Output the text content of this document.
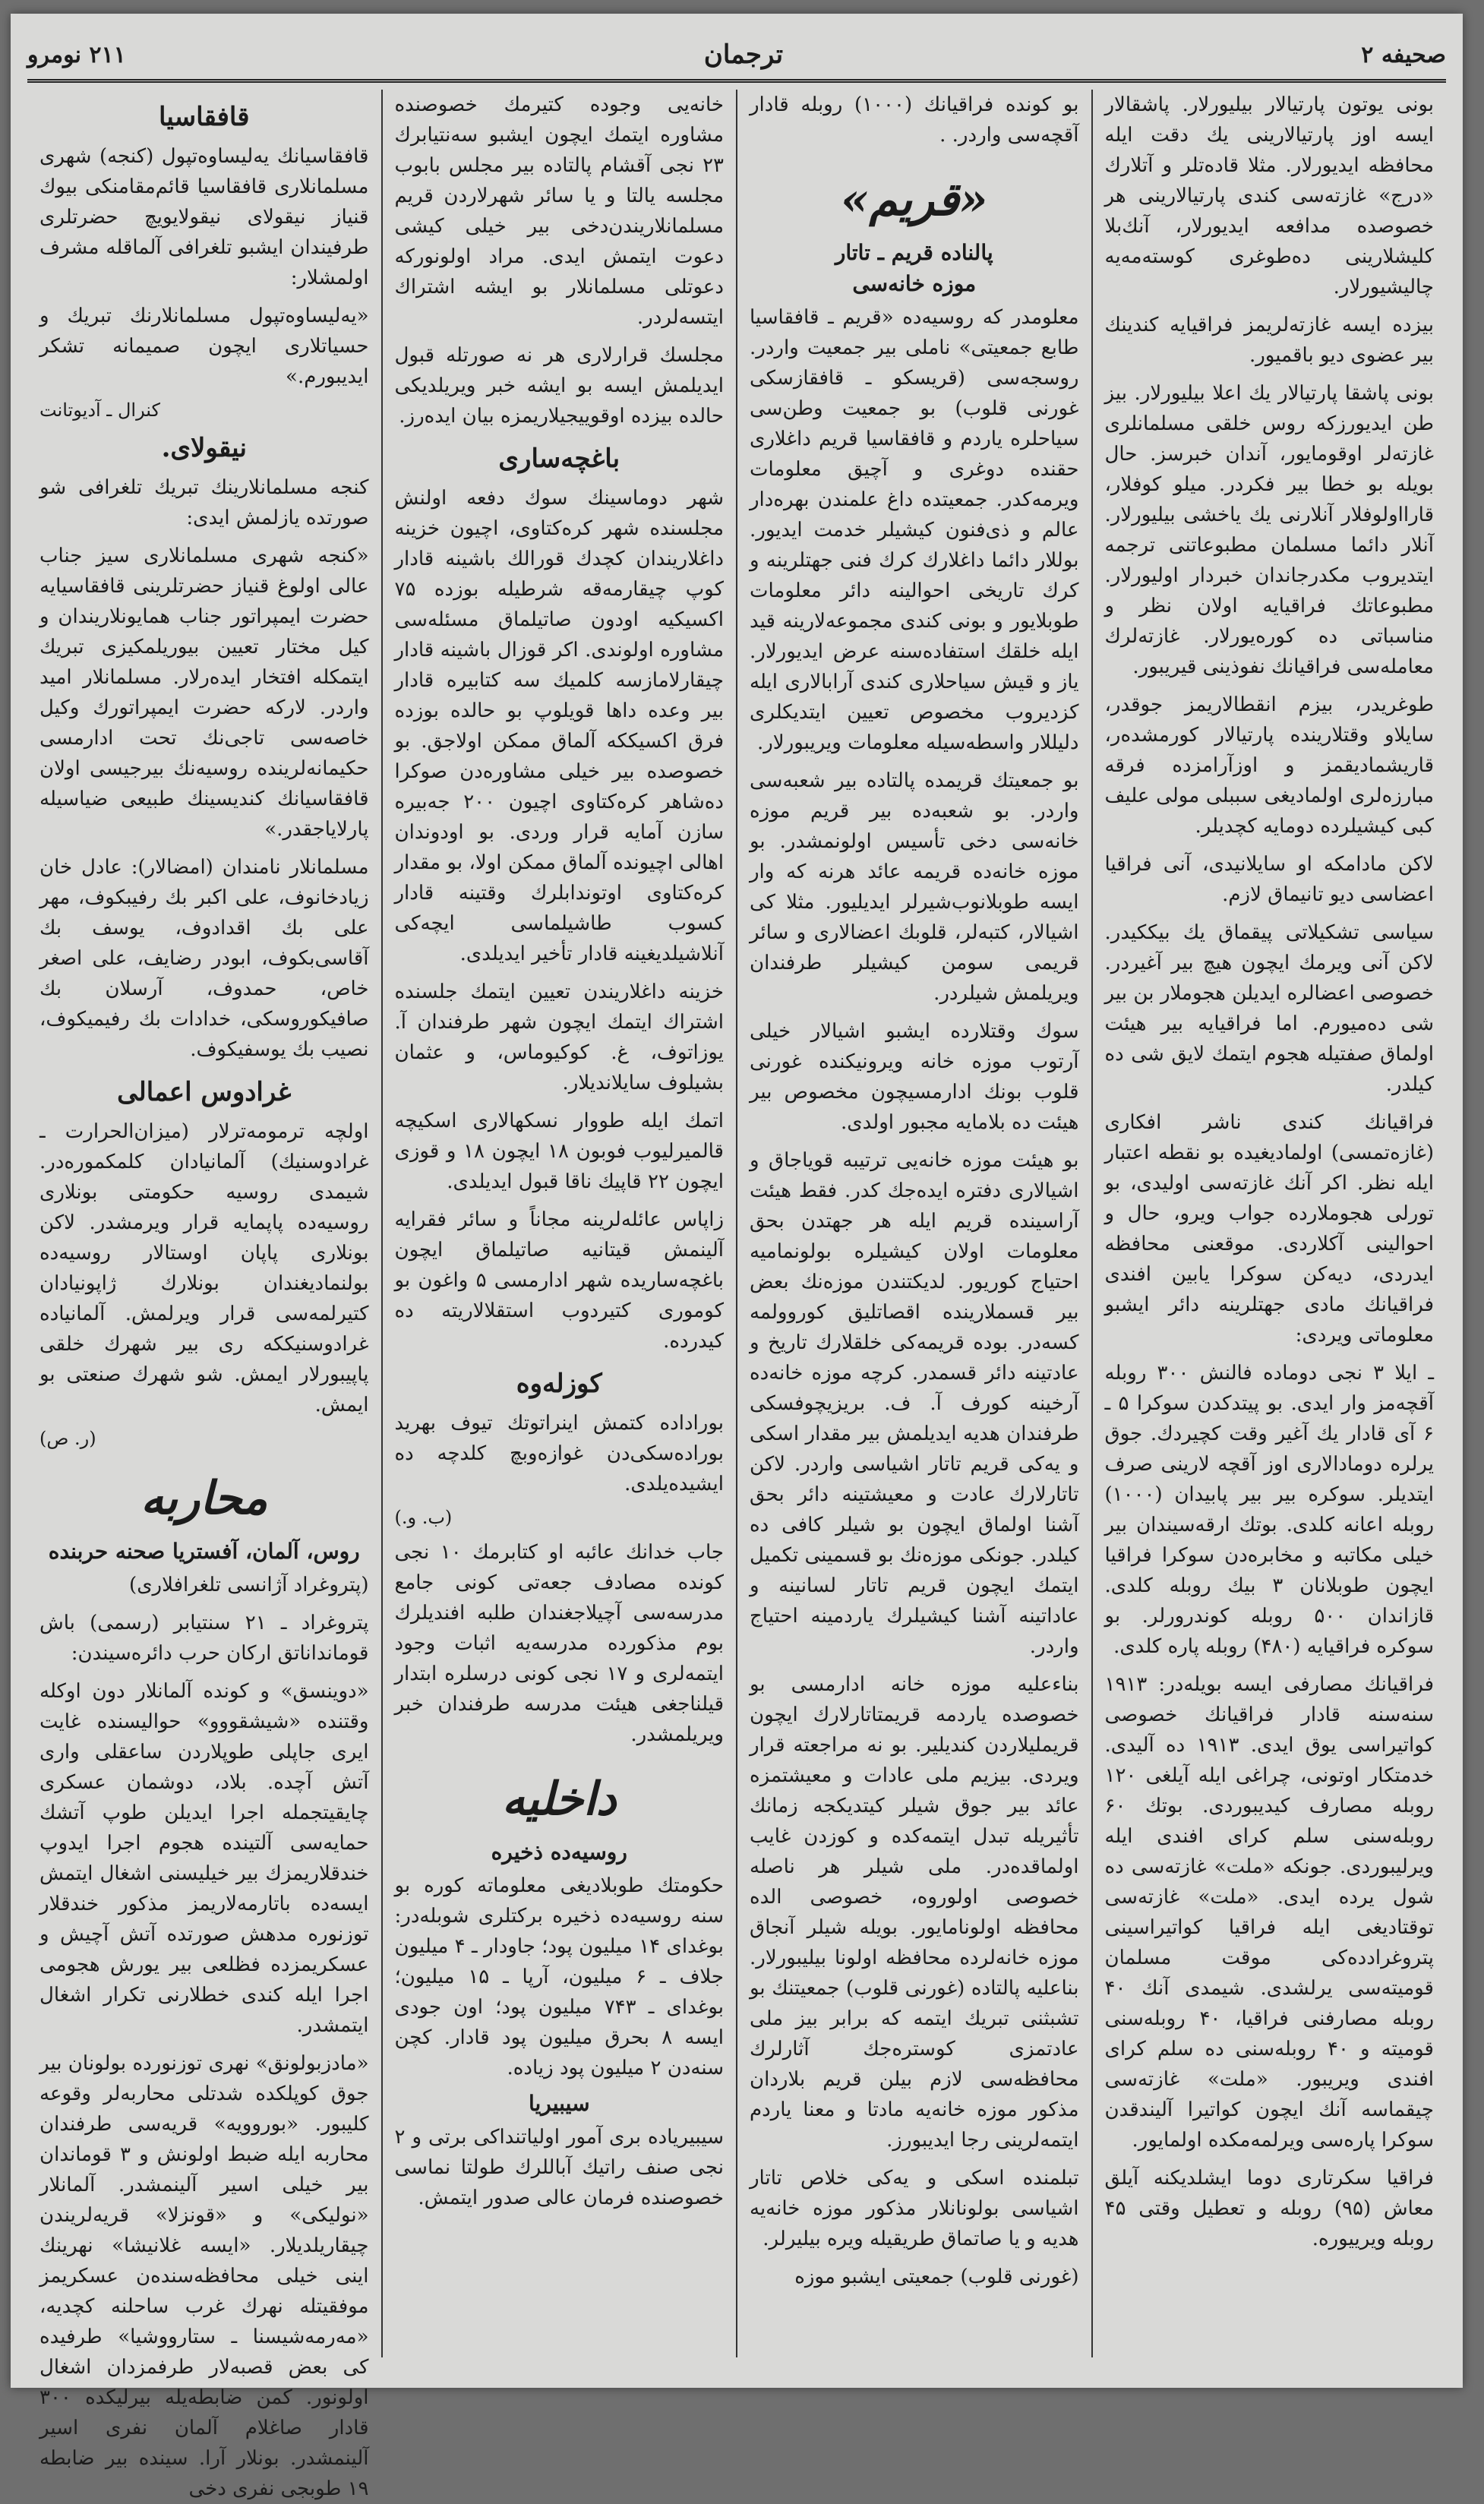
صحیفه ۲
ترجمان
۲۱۱ نومرو
بونی یوتون پارتیالار بیلیورلار. پاشقالار ایسه اوز پارتیالارینی یك دقت ایله محافظه ایدیورلار. مثلا قاده‌تلر و آتلارك «درج» غازته‌سی كندی پارتیالارینی هر خصوصده مدافعه ایدیورلار، آنك‌بلا كلیشلارینی ده‌طوغری كوسته‌مه‌یه چالیشیورلار.
بیزده ایسه غازته‌لریمز فراقیایه كندینك بیر عضوی دیو باقمیور.
بونی پاشقا پارتیالار یك اعلا بیلیورلار. بیز طن ایدیورزكه روس خلقی مسلمانلری غازته‌لر اوقومایور، آندان خبرسز. حال بویله بو خطا بیر فكردر. میلو كوفلار، قارااولوفلار آنلارنی یك یاخشی بیلیورلار. آنلار دائما مسلمان مطبوعاتنی ترجمه ایتدیروب مكدرجاندان خبردار اولیورلار. مطبوعاتك فراقیایه اولان نظر و مناسباتی ده كوره‌یورلار. غازته‌لرك معامله‌سی فراقیانك نفوذینی قیریبور.
طوغریدر، بیزم انقطالاریمز جوقدر، سایلاو وقتلارینده پارتیالار كورمشده‌ر، قاریشمادیقمز و اوزآرامزده فرقه مبارزه‌لری اولمادیغی سببلی مولی علیف كبی كیشیلرده دومایه كچدیلر.
لاكن مادامكه او سایلانیدی، آنی فراقیا اعضاسی دیو تانیماق لازم.
سیاسی تشكیلاتی پیقماق یك بیككیدر. لاكن آنی ویرمك ایچون هیچ بیر آغیردر. خصوصی اعضالره ایدیلن هجوملار بن بیر شی ده‌میورم. اما فراقیایه بیر هیئت اولماق صفتیله هجوم ایتمك لایق شی ده كیلدر.
فراقیانك كندی ناشر افكاری (غازه‌تمسی) اولمادیغیده بو نقطه اعتبار ایله نظر. اكر آنك غازته‌سی اولیدی، بو تورلی هجوملارده جواب ویرو، حال و احوالینی آكلاردی. موقعنی محافظه ایدردی، دیه‌كن سوكرا یابین افندی فراقیانك مادی جهتلرینه دائر ایشبو معلوماتی ویردی:
ـ ایلا ۳ نجی دوماده فالنش ۳۰۰ روبله آقچه‌مز وار ایدی. بو پیتدكدن سوكرا ۵ ـ ۶ آی قادار یك آغیر وقت كچیردك. جوق یرلره دومادالاری اوز آقچه لارینی صرف ایتدیلر. سوكره بیر بیر پابیدان (۱۰۰۰) روبله اعانه كلدی. بوتك ارقه‌سیندان بیر خیلی مكاتبه و مخابره‌دن سوكرا فراقیا ایچون طوبلانان ۳ بیك روبله كلدی. قازاندان ۵۰۰ روبله كوندرورلر. بو سوكره فراقیایه (۴۸۰) روبله پاره كلدی.
فراقیانك مصارفی ایسه بویله‌در: ۱۹۱۳ سنه‌سنه قادار فراقیانك خصوصی كواتیراسی یوق ایدی. ۱۹۱۳ ده آلیدی. خدمتكار اوتونی، چراغی ایله آیلغی ۱۲۰ روبله مصارف كیدیبوردی. بوتك ۶۰ روبله‌سنی سلم كرای افندی ایله ویرلیبوردی. جونكه «ملت» غازته‌سی ده شول یرده ایدی. «ملت» غازته‌سی توقتادیغی ایله فراقیا كواتیراسینی پتروغرادده‌كی موقت مسلمان قومیته‌سی یرلشدی. شیمدی آنك ۴۰ روبله مصارفنی فراقیا، ۴۰ روبله‌سنی قومیته و ۴۰ روبله‌سنی ده سلم كرای افندی ویریبور. «ملت» غازته‌سی چیقماسه آنك ایچون كواتیرا آلیندقدن سوكرا پاره‌سی ویرلمه‌مكده اولمایور.
فراقیا سكرتاری دوما ایشلدیكنه آیلق معاش (۹۵) روبله و تعطیل وقتی ۴۵ روبله ویرییوره.
بو كونده فراقیانك (۱۰۰۰) روبله قادار آقچه‌سی وار‌در. .
«قریم»
پالناده قریم ـ تاتار
موزه خانه‌سی
معلومدر كه روسیه‌ده «قریم ـ قافقاسیا طابع جمعیتی» ناملی بیر جمعیت واردر. روسجه‌سی (قریسكو ـ قافقازسكی غورنی قلوب) بو جمعیت وطن‌سی سیاحلره یاردم و قافقاسیا قریم داغلاری حقنده دوغری و آچیق معلومات ویرمه‌كدر. جمعیتده داغ علمندن بهره‌دار عالم و ذی‌فنون كیشیلر خدمت ایدیور. بوللار دائما داغلارك كرك فنی جهتلرینه و كرك تاریخی احوالینه دائر معلومات طوبلایور و بونی كندی مجموعه‌لارینه قید ایله خلقك استفاده‌سنه عرض ایدیورلار. یاز و قیش سیاحلاری كندی آرابالاری ایله كزدیروب مخصوص تعیین ایتدیكلری دلیللار واسطه‌سیله معلومات ویریبورلار.
بو جمعیتك قریمده پالتاده بیر شعبه‌سی واردر. بو شعبه‌ده بیر قریم موزه خانه‌سی دخی تأسیس اولونمشدر. بو موزه خانه‌ده قریمه عائد هرنه كه وار ایسه طوبلانوب‌شیرلر ایدیلیور. مثلا كی اشیالار، كتبه‌لر، قلوبك اعضالاری و سائر قریمی سومن كیشیلر طرفندان ویریلمش شیلردر.
سوك وقتلارده ایشبو اشیالار خیلی آرتوب موزه خانه ویرونیكنده غورنی قلوب بونك ادارمسیچون مخصوص بیر هیئت ده بلامایه مجبور اولدی.
بو هیئت موزه خانه‌یی ترتیبه قویاجاق و اشیالاری دفتره ایده‌جك كدر. فقط هیئت آراسینده قریم ایله هر جهتدن بحق معلومات اولان كیشیلره بولونمامیه احتیاج كوریور. لدیكتندن موزه‌نك بعض بیر قسملارینده اقصاتلیق كوروولمه كسه‌در. بوده قریمه‌كی خلقلارك تاریخ و عادتینه دائر قسمدر. كرچه موزه خانه‌ده آرخینه كورف آ. ف. بریزیچوفسكی طرفندان هدیه ایدیلمش بیر مقدار اسكی و یه‌كی قریم تاتار اشیاسی واردر. لاكن تاتارلارك عادت و معیشتینه دائر بحق آشنا اولماق ایچون بو شیلر كافی ده كیلدر. جونكی موزه‌نك بو قسمینی تكمیل ایتمك ایچون قریم تاتار لسانینه و عاداتینه آشنا كیشیلرك یاردمینه احتیاج واردر.
بناءعلیه موزه خانه ادارمسی بو خصوصده یاردمه قریمتاتارلارك ایچون قریملیلاردن كندیلیر. بو نه مراجعته قرار ویردی. بیزیم ملی عادات و معیشتمزه عائد بیر جوق شیلر كیتدیكجه زمانك تأثیریله تبدل ایتمه‌كده و كوزدن غایب اولماقده‌در. ملی شیلر هر ناصله خصوصی اولوروه، خصوصی الده محافظه اولونامایور. بویله شیلر آنجاق موزه خانه‌لرده محافظه اولونا بیلیبورلار. بناعلیه پالتاده (غورنی قلوب) جمعیتنك بو تشبثنی تبریك ایتمه كه برابر بیز ملی عادتمزی كوستره‌جك آثارلرك محافظه‌سی لازم بیلن قریم بلاردان مذكور موزه خانه‌یه مادتا و معنا یاردم ایتمه‌لرینی رجا ایدیبورز.
تبلمنده اسكی و یه‌كی خلاص تاتار اشیاسی بولونانلار مذكور موزه خانه‌یه هدیه و یا صاتماق طریقیله ویره بیلیرلر.
(غورنی قلوب) جمعیتی ایشبو موزه
خانه‌یی وجوده كتیرمك خصوصنده مشاوره ایتمك ایچون ایشبو سه‌نتیابرك ۲۳ نجی آقشام پالتاده بیر مجلس بابوب مجلسه یالتا و یا سائر شهرلاردن قریم مسلمانلاریندن‌دخی بیر خیلی كیشی دعوت ایتمش ایدی. مراد اولونوركه دعوتلی مسلمانلار بو ایشه اشتراك ایتسه‌لردر.
مجلسك قرارلاری هر نه صورتله قبول ایدیلمش ایسه بو ایشه خبر ویریلدیكی حالده بیزده اوقوییجیلاریمزه بیان ایده‌رز.
باغچه‌ساری
شهر دوماسینك سوك دفعه اولنش مجلسنده شهر كره‌كتاوی، اچیون خزینه داغلاریندان كچدك قورالك باشینه قادار كوپ چیقارمه‌قه شرطیله بوزده ۷۵ اكسیكیه اودون صاتیلماق مسئله‌سی مشاوره اولوندی. اكر قوزال باشینه قادار چیقارلامازسه كلمیك سه كتابیره قادار بیر وعده داها قویلوپ بو حالده بوزده فرق اكسیككه آلماق ممكن اولاجق. بو خصوصده بیر خیلی مشاوره‌دن صوكرا ده‌شاهر كره‌كتاوی اچیون ۲۰۰ جه‌بیره سازن آمایه قرار وردی. بو اودوندان اهالی اچیونده آلماق ممكن اولا، بو مقدار كره‌كتاوی اوتوندابلرك وقتینه قادار كسوب طاشیلماسی ایچه‌كی آنلاشیلدیغینه قادار تأخیر ایدیلدی.
خزینه داغلاریندن تعیین ایتمك جلسنده اشتراك ایتمك ایچون شهر طرفندان آ. یوزاتوف، غ. كوكیوماس، و عثمان بشیلوف سایلاندیلار.
اتمك ایله طووار نسكهالاری اسكیچه قالمیرلیوب فوبون ۱۸ ایچون ۱۸ و قوزی ایچون ۲۲ قاپیك ناقا قبول ایدیلدی.
زاپاس عائله‌لرینه مجاناً و سائر فقرایه آلینمش قیتانیه صاتیلماق ایچون باغچه‌ساریده شهر ادارمسی ۵ واغون بو كوموری كتیردوب استقلالاریته ده كیدرده.
كوزله‌وه
بوراداده كتمش اینراتوتك تیوف بهرید بوراده‌سكی‌دن غوازه‌وبچ كلدچه ده ایشیده‌یلدی.
(ب. و.)
جاب خدانك عائبه او كتابرمك ۱۰ نجی كونده مصادف جعه‌تی كونی جامع مدرسه‌سی آچیلاجغندان طلبه افندیلرك بوم مذكورده مدرسه‌یه اثبات وجود ایتمه‌لری و ۱۷ نجی كونی درسلره ابتدار قیلناجغی هیئت مدرسه طرفندان خبر ویریلمشدر.
داخلیه
روسیه‌ده ذخیره
حكومتك طوبلادیغی معلوماته كوره بو سنه روسیه‌ده ذخیره بركتلری شوبله‌در: بوغدای ۱۴ میلیون پود؛ جاودار ـ ۴ میلیون جلاف ـ ۶ میلیون، آرپا ـ ۱۵ میلیون؛ بوغدای ـ ۷۴۳ میلیون پود؛ اون جودی ایسه ۸ بحرق میلیون پود قادار. كچن سنه‌دن ۲ میلیون پود زیاده.
سیبیریا
سیبیریاده بری آمور اولیاتنداكی برتی و ۲ نجی صنف راتیك آباللرك طولتا نماسی خصوصنده فرمان عالی صدور ایتمش.
قافقاسیا
قافقاسیانك یه‌لیساوه‌تپول (كنجه) شهری مسلمانلاری قافقاسیا قائم‌مقامنكی بیوك قنیاز نیقولای نیقولایویچ حضرتلری طرفیندان ایشبو تلغرافی آلماقله مشرف اولمشلار:
«یه‌لیساوه‌تپول مسلمانلارنك تبریك و حسیاتلاری ایچون صمیمانه تشكر ایدیبورم.»
كنرال ـ آدیوتانت
نیقولای.
كنجه مسلمانلارینك تبریك تلغرافی شو صورتده یازلمش ایدی:
«كنجه شهری مسلمانلاری سیز جناب عالی اولوغ قنیاز حضرتلرینی قافقاسیایه حضرت ایمپراتور جناب همایونلاریندان و كیل مختار تعیین بیوریلمكیزی تبریك ایتمكله افتخار ایده‌رلار. مسلمانلار امید واردر. لاركه حضرت ایمپراتورك وكیل خاصه‌سی تاجی‌نك تحت ادارمسی حكیمانه‌لرینده روسیه‌نك بیرجیسی اولان قافقاسیانك كندیسینك طبیعی ضیاسیله پارلایاجقدر.»
مسلمانلار نامندان (امضالار): عادل خان زیاد‌خانوف، علی اكبر بك رفیبكوف، مهر علی بك اقدادوف، یوسف بك آقاسی‌بكوف، ابودر رضایف، علی اصغر خاص، حمدوف، آرسلان بك صافیكوروسكی، خدادات بك رفیمیكوف، نصیب بك یوسفیكوف.
غرادوس اعمالی
اولچه ترمومه‌ترلار (میزان‌الحرارت ـ غرادوسنیك) آلمانیادان كلمكموره‌در. شیمدی روسیه حكومتی بونلاری روسیه‌ده پاپمایه قرار ویرمشدر. لاكن بونلاری پاپان اوستالار روسیه‌ده بولنمادیغندان بونلارك ژاپونیادان كتیرلمه‌سی قرار ویرلمش. آلمانیاده غرادوسنیككه ری بیر شهرك خلقی پاپیبورلار ایمش. شو شهرك صنعتی بو ایمش.
(ر. ص)
محاربه
روس، آلمان، آفستریا صحنه حربنده
(پتروغراد آژانسی تلغرافلاری)
پتروغراد ـ ۲۱ سنتیابر (رسمی) باش قومانداناتق اركان حرب دائره‌سیندن:
«دوینسق» و كونده آلمانلار دون اوكله وقتنده «شیشقووو» حوالیسنده غایت ایری جاپلی طوپلاردن ساعقلی واری آتش آچده. بلاد، دوشمان عسكری چایقیتجمله اجرا ایدیلن طوپ آتشك حمایه‌سی آلتینده هجوم اجرا ایدوپ خندقلاریمزك بیر خیلیسنی اشغال ایتمش ایسه‌ده باتارمه‌لاریمز مذكور خندقلار توزنوره مدهش صورتده آتش آچیش و عسكریمزده فظلعی بیر یورش هجومی اجرا ایله كندی خطلارنی تكرار اشغال ایتمشدر.
«مادزبولونق» نهری توزنورده بولونان بیر جوق كوپلكده شدتلی محاربه‌لر وقوعه كلیبور. «بوروویه» قریه‌سی طرفندان محاربه ایله ضبط اولونش و ۳ قوماندان بیر خیلی اسیر آلینمشدر. آلمانلار «نولیكی» و «قونزلا» قریه‌لریندن چیقاریلدیلار. «ایسه غلانیشا» نهرینك اینی‌ خیلی محافظه‌سنده‌ن عسكریمز موفقیتله نهرك غرب ساحلنه كچدیه، «مه‌رمه‌شیسنا ـ ستارووشیا» طرفیده كی بعض قصبه‌لار طرفمزدان اشغال اولونور. كمن ضابطه‌یله بیرلیكده ۳۰۰ قادار صاغلام آلمان نفری اسیر آلینمشدر. بونلار آرا. سینده بیر ضابطه ۱۹ طوبجی نفری دخی
